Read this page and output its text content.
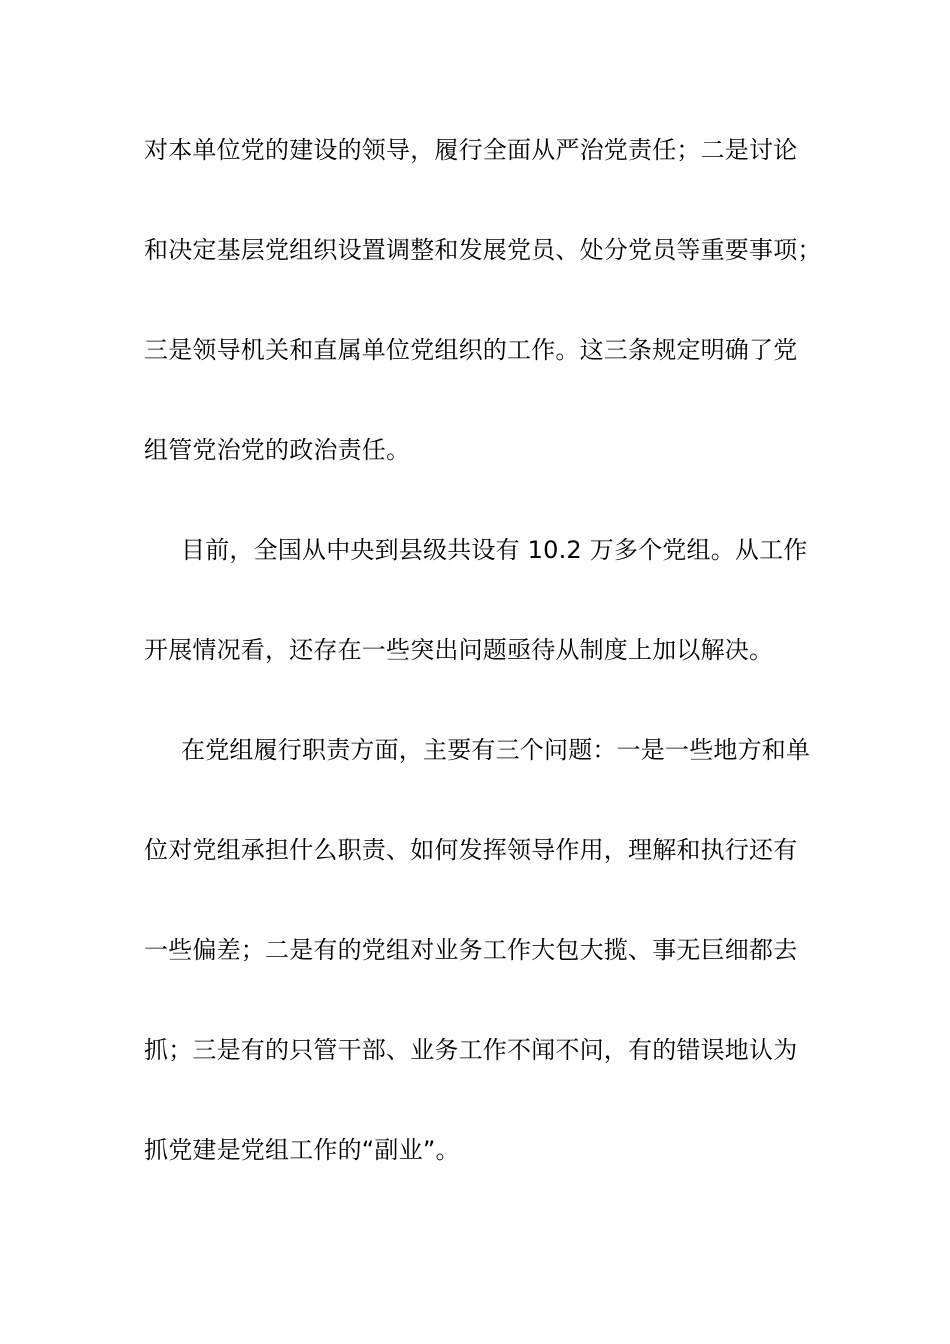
对本单位党的建设的领导，履行全面从严治党责任；二是讨论
和决定基层党组织设置调整和发展党员、处分党员等重要事项；
三是领导机关和直属单位党组织的工作。这三条规定明确了党
组管党治党的政治责任。
目前，全国从中央到县级共设有 10.2 万多个党组。从工作
开展情况看，还存在一些突出问题亟待从制度上加以解决。
在党组履行职责方面，主要有三个问题：一是一些地方和单
位对党组承担什么职责、如何发挥领导作用，理解和执行还有
一些偏差；二是有的党组对业务工作大包大揽、事无巨细都去
抓；三是有的只管干部、业务工作不闻不问，有的错误地认为
抓党建是党组工作的“副业”。
